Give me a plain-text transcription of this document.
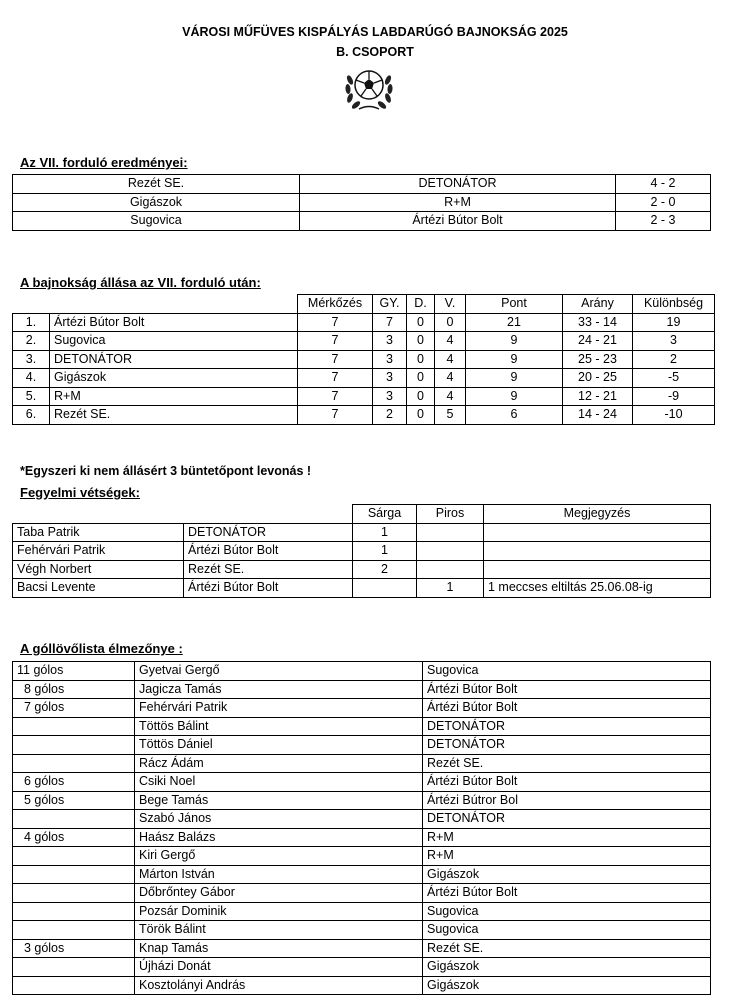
VÁROSI MŰFÜVES KISPÁLYÁS LABDARÚGÓ BAJNOKSÁG 2025
B. CSOPORT
Az VII. forduló eredményei:
Rezét SE.	DETONÁTOR	4 - 2
Gigászok	R+M	2 - 0
Sugovica	Ártézi Bútor Bolt	2 - 3
A bajnokság állása az VII. forduló után:
		Mérkőzés	GY.	D.	V.	Pont	Arány	Különbség
1.	Ártézi Bútor Bolt	7	7	0	0	21	33 - 14	19
2.	Sugovica	7	3	0	4	9	24 - 21	3
3.	DETONÁTOR	7	3	0	4	9	25 - 23	2
4.	Gigászok	7	3	0	4	9	20 - 25	-5
5.	R+M	7	3	0	4	9	12 - 21	-9
6.	Rezét SE.	7	2	0	5	6	14 - 24	-10
*Egyszeri ki nem állásért 3 büntetőpont levonás !
Fegyelmi vétségek:
		Sárga	Piros	Megjegyzés
Taba Patrik	DETONÁTOR	1		
Fehérvári Patrik	Ártézi Bútor Bolt	1		
Végh Norbert	Rezét SE.	2		
Bacsi Levente	Ártézi Bútor Bolt		1	1 meccses eltiltás 25.06.08-ig
A góllövőlista élmezőnye :
11 gólos	Gyetvai Gergő	Sugovica
8 gólos	Jagicza Tamás	Ártézi Bútor Bolt
7 gólos	Fehérvári Patrik	Ártézi Bútor Bolt
	Töttös Bálint	DETONÁTOR
	Töttös Dániel	DETONÁTOR
	Rácz Ádám	Rezét SE.
6 gólos	Csiki Noel	Ártézi Bútor Bolt
5 gólos	Bege Tamás	Ártézi Bútror Bol
	Szabó János	DETONÁTOR
4 gólos	Haász Balázs	R+M
	Kiri Gergő	R+M
	Márton István	Gigászok
	Dőbrőntey Gábor	Ártézi Bútor Bolt
	Pozsár Dominik	Sugovica
	Török Bálint	Sugovica
3 gólos	Knap Tamás	Rezét SE.
	Újházi Donát	Gigászok
	Kosztolányi András	Gigászok
